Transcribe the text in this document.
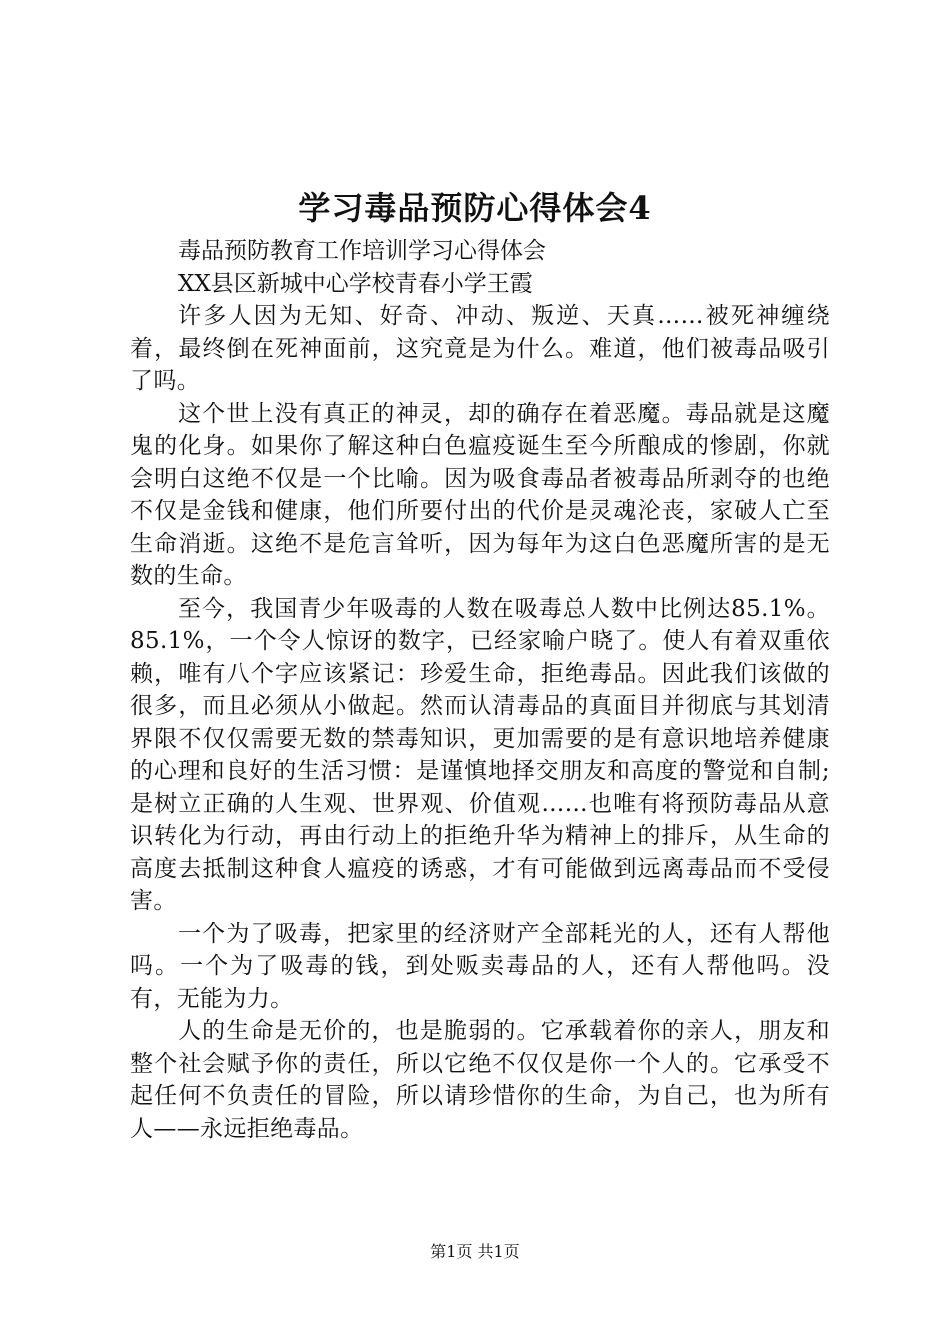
学习毒品预防心得体会4

毒品预防教育工作培训学习心得体会

XX县区新城中心学校青春小学王霞

许多人因为无知、好奇、冲动、叛逆、天真……被死神缠绕着，最终倒在死神面前，这究竟是为什么。难道，他们被毒品吸引了吗。

这个世上没有真正的神灵，却的确存在着恶魔。毒品就是这魔鬼的化身。如果你了解这种白色瘟疫诞生至今所酿成的惨剧，你就会明白这绝不仅是一个比喻。因为吸食毒品者被毒品所剥夺的也绝不仅是金钱和健康，他们所要付出的代价是灵魂沦丧，家破人亡至生命消逝。这绝不是危言耸听，因为每年为这白色恶魔所害的是无数的生命。

至今，我国青少年吸毒的人数在吸毒总人数中比例达85.1%。85.1%，一个令人惊讶的数字，已经家喻户晓了。使人有着双重依赖，唯有八个字应该紧记：珍爱生命，拒绝毒品。因此我们该做的很多，而且必须从小做起。然而认清毒品的真面目并彻底与其划清界限不仅仅需要无数的禁毒知识，更加需要的是有意识地培养健康的心理和良好的生活习惯：是谨慎地择交朋友和高度的警觉和自制;是树立正确的人生观、世界观、价值观……也唯有将预防毒品从意识转化为行动，再由行动上的拒绝升华为精神上的排斥，从生命的高度去抵制这种食人瘟疫的诱惑，才有可能做到远离毒品而不受侵害。

一个为了吸毒，把家里的经济财产全部耗光的人，还有人帮他吗。一个为了吸毒的钱，到处贩卖毒品的人，还有人帮他吗。没有，无能为力。

人的生命是无价的，也是脆弱的。它承载着你的亲人，朋友和整个社会赋予你的责任，所以它绝不仅仅是你一个人的。它承受不起任何不负责任的冒险，所以请珍惜你的生命，为自己，也为所有人——永远拒绝毒品。

第1页 共1页
